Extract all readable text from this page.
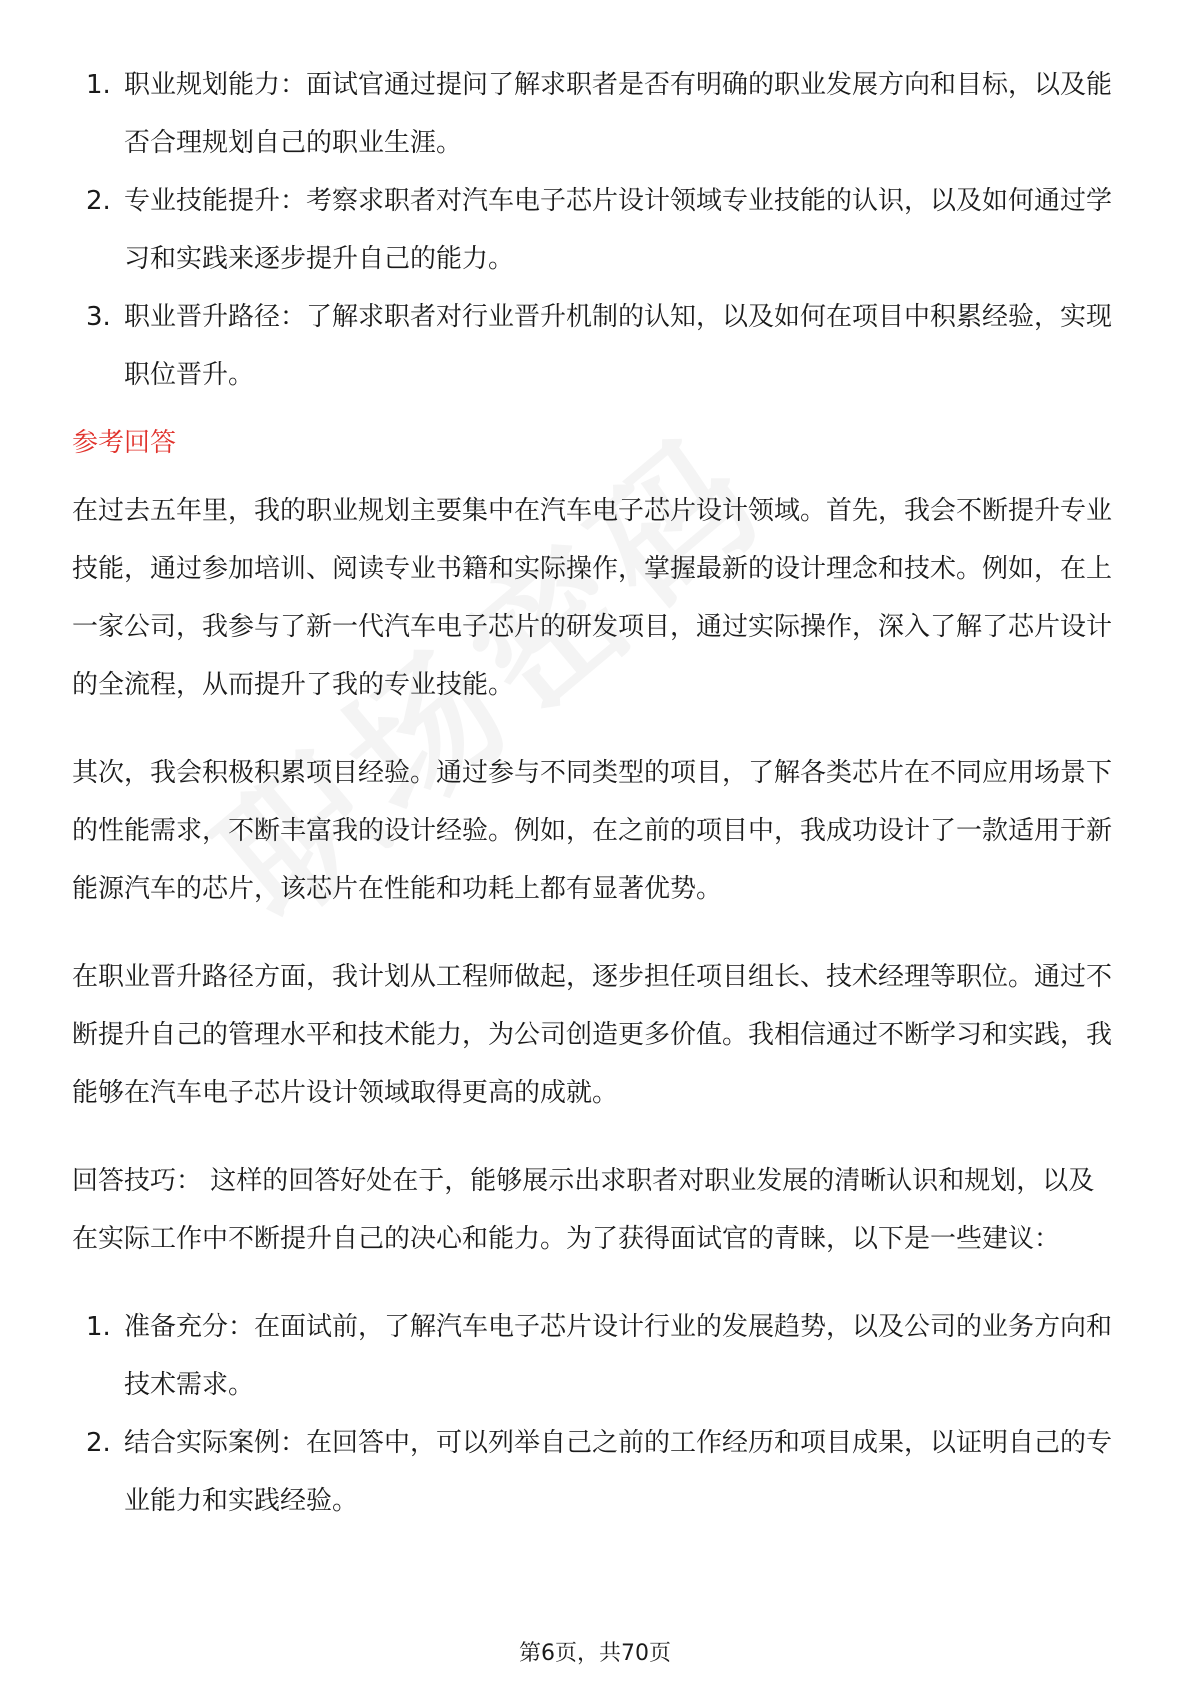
1. 职业规划能力：面试官通过提问了解求职者是否有明确的职业发展方向和目标，以及能否合理规划自己的职业生涯。
2. 专业技能提升：考察求职者对汽车电子芯片设计领域专业技能的认识，以及如何通过学习和实践来逐步提升自己的能力。
3. 职业晋升路径：了解求职者对行业晋升机制的认知，以及如何在项目中积累经验，实现职位晋升。
参考回答

在过去五年里，我的职业规划主要集中在汽车电子芯片设计领域。首先，我会不断提升专业技能，通过参加培训、阅读专业书籍和实际操作，掌握最新的设计理念和技术。例如，在上一家公司，我参与了新一代汽车电子芯片的研发项目，通过实际操作，深入了解了芯片设计的全流程，从而提升了我的专业技能。

其次，我会积极积累项目经验。通过参与不同类型的项目，了解各类芯片在不同应用场景下的性能需求，不断丰富我的设计经验。例如，在之前的项目中，我成功设计了一款适用于新能源汽车的芯片，该芯片在性能和功耗上都有显著优势。

在职业晋升路径方面，我计划从工程师做起，逐步担任项目组长、技术经理等职位。通过不断提升自己的管理水平和技术能力，为公司创造更多价值。我相信通过不断学习和实践，我能够在汽车电子芯片设计领域取得更高的成就。

回答技巧： 这样的回答好处在于，能够展示出求职者对职业发展的清晰认识和规划，以及在实际工作中不断提升自己的决心和能力。为了获得面试官的青睐，以下是一些建议：

1. 准备充分：在面试前，了解汽车电子芯片设计行业的发展趋势，以及公司的业务方向和技术需求。
2. 结合实际案例：在回答中，可以列举自己之前的工作经历和项目成果，以证明自己的专业能力和实践经验。
第6页，共70页
